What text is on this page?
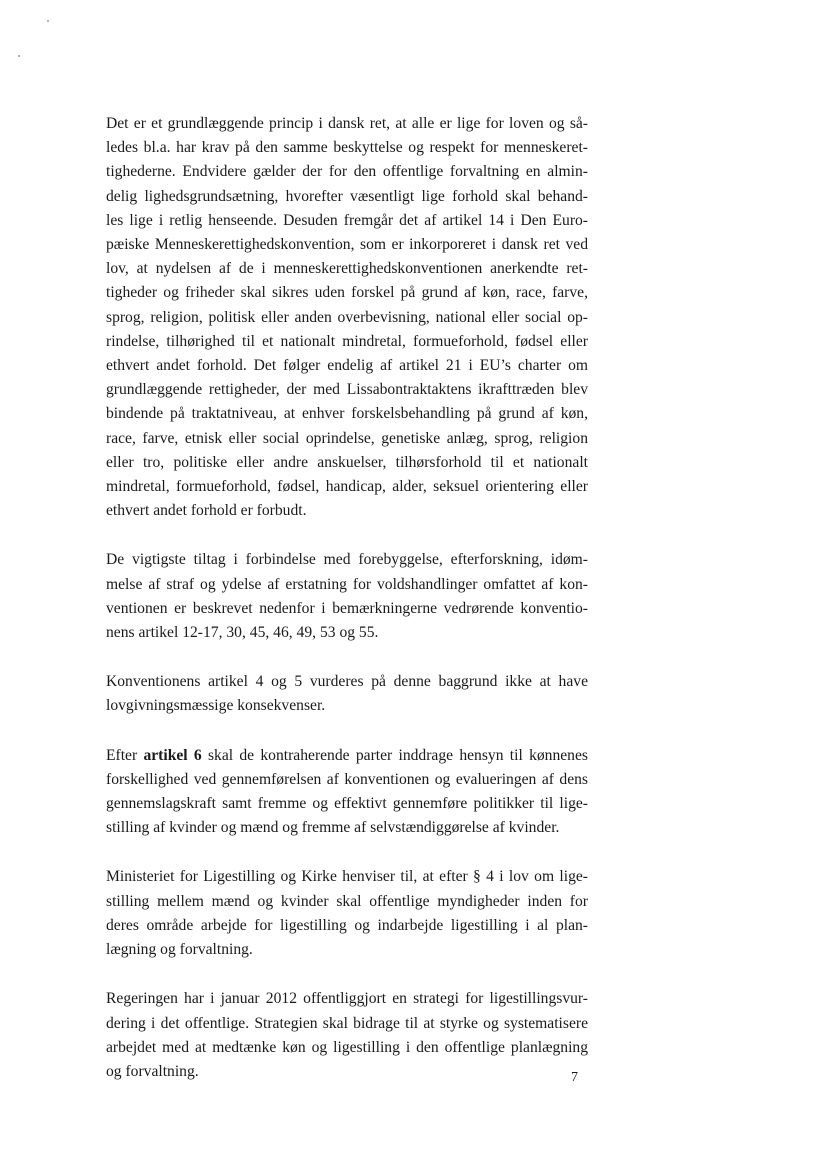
Det er et grundlæggende princip i dansk ret, at alle er lige for loven og så-
ledes bl.a. har krav på den samme beskyttelse og respekt for menneskeret-
tighederne. Endvidere gælder der for den offentlige forvaltning en almin-
delig lighedsgrundsætning, hvorefter væsentligt lige forhold skal behand-
les lige i retlig henseende. Desuden fremgår det af artikel 14 i Den Euro-
pæiske Menneskerettighedskonvention, som er inkorporeret i dansk ret ved
lov, at nydelsen af de i menneskerettighedskonventionen anerkendte ret-
tigheder og friheder skal sikres uden forskel på grund af køn, race, farve,
sprog, religion, politisk eller anden overbevisning, national eller social op-
rindelse, tilhørighed til et nationalt mindretal, formueforhold, fødsel eller
ethvert andet forhold. Det følger endelig af artikel 21 i EU’s charter om
grundlæggende rettigheder, der med Lissabontraktaktens ikrafttræden blev
bindende på traktatniveau, at enhver forskelsbehandling på grund af køn,
race, farve, etnisk eller social oprindelse, genetiske anlæg, sprog, religion
eller tro, politiske eller andre anskuelser, tilhørsforhold til et nationalt
mindretal, formueforhold, fødsel, handicap, alder, seksuel orientering eller
ethvert andet forhold er forbudt.
De vigtigste tiltag i forbindelse med forebyggelse, efterforskning, idøm-
melse af straf og ydelse af erstatning for voldshandlinger omfattet af kon-
ventionen er beskrevet nedenfor i bemærkningerne vedrørende konventio-
nens artikel 12-17, 30, 45, 46, 49, 53 og 55.
Konventionens artikel 4 og 5 vurderes på denne baggrund ikke at have
lovgivningsmæssige konsekvenser.
Efter artikel 6 skal de kontraherende parter inddrage hensyn til kønnenes
forskellighed ved gennemførelsen af konventionen og evalueringen af dens
gennemslagskraft samt fremme og effektivt gennemføre politikker til lige-
stilling af kvinder og mænd og fremme af selvstændiggørelse af kvinder.
Ministeriet for Ligestilling og Kirke henviser til, at efter § 4 i lov om lige-
stilling mellem mænd og kvinder skal offentlige myndigheder inden for
deres område arbejde for ligestilling og indarbejde ligestilling i al plan-
lægning og forvaltning.
Regeringen har i januar 2012 offentliggjort en strategi for ligestillingsvur-
dering i det offentlige. Strategien skal bidrage til at styrke og systematisere
arbejdet med at medtænke køn og ligestilling i den offentlige planlægning
og forvaltning.	7
